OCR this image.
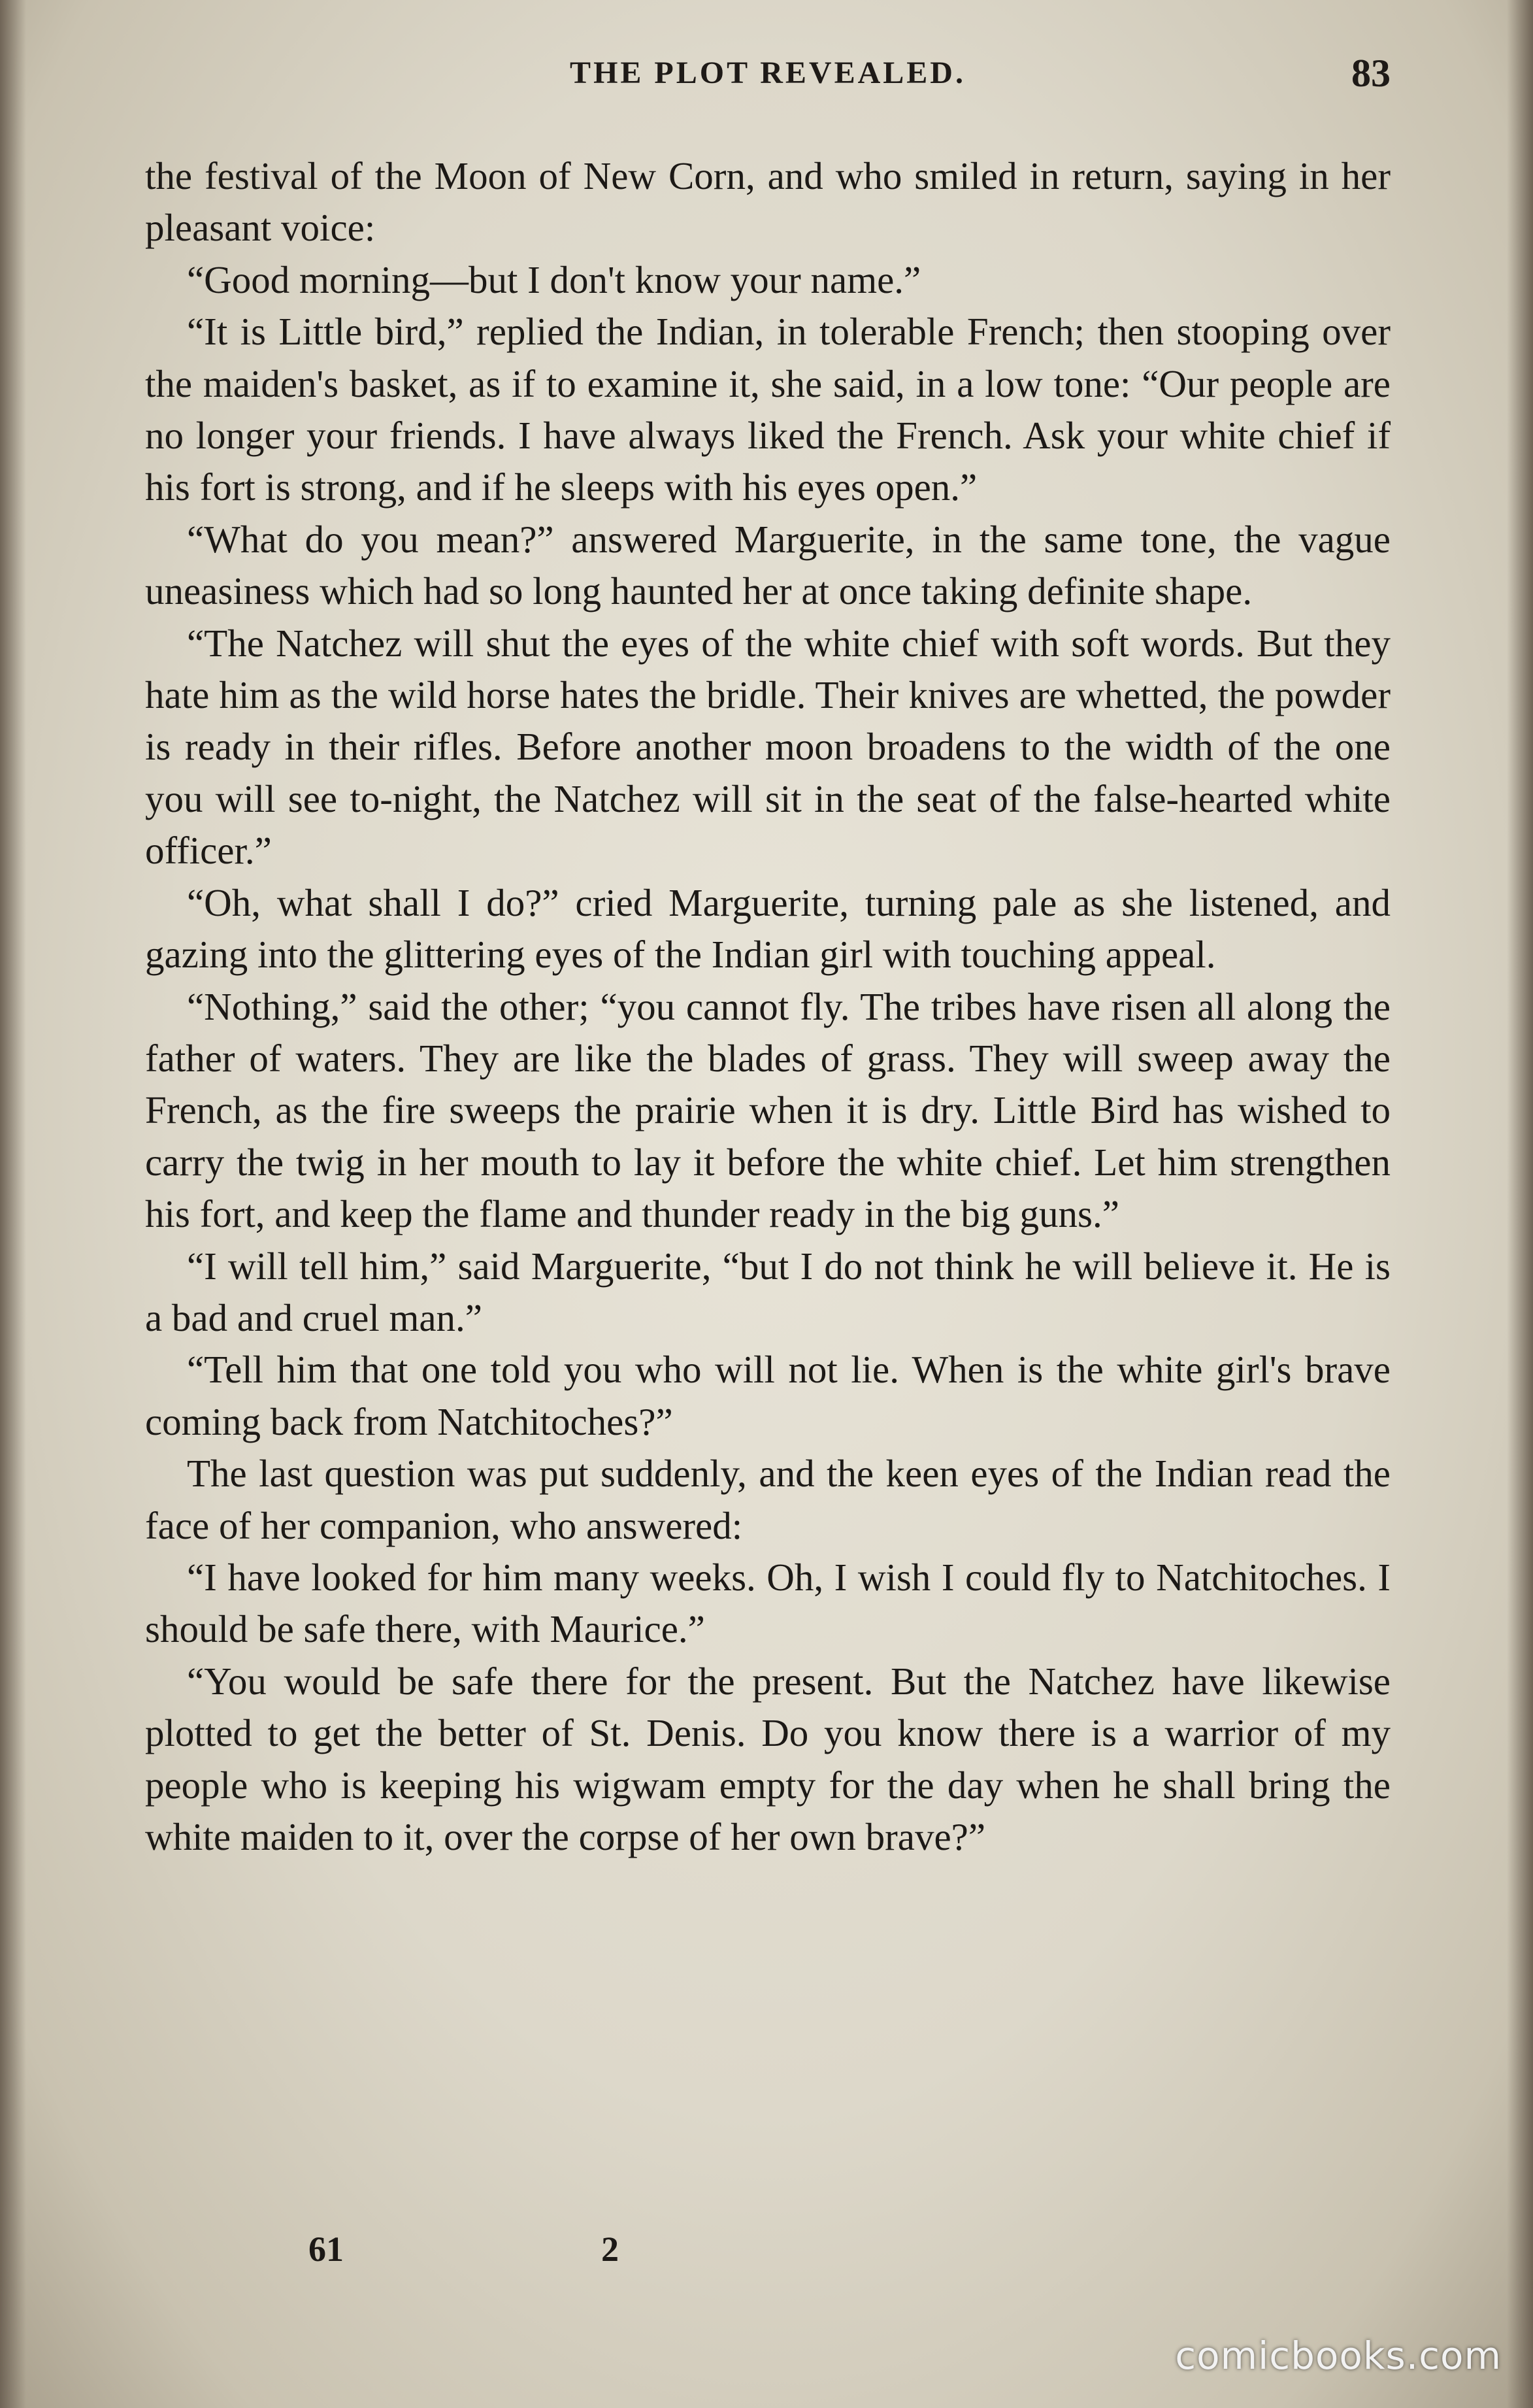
THE PLOT REVEALED.	83

the festival of the Moon of New Corn, and who smiled in return, saying in her pleasant voice:

“Good morning—but I don't know your name.”

“It is Little bird,” replied the Indian, in tolerable French; then stooping over the maiden's basket, as if to examine it, she said, in a low tone: “Our people are no longer your friends. I have always liked the French. Ask your white chief if his fort is strong, and if he sleeps with his eyes open.”

“What do you mean?” answered Marguerite, in the same tone, the vague uneasiness which had so long haunted her at once taking definite shape.

“The Natchez will shut the eyes of the white chief with soft words. But they hate him as the wild horse hates the bridle. Their knives are whetted, the powder is ready in their rifles. Before another moon broadens to the width of the one you will see to-night, the Natchez will sit in the seat of the false-hearted white officer.”

“Oh, what shall I do?” cried Marguerite, turning pale as she listened, and gazing into the glittering eyes of the Indian girl with touching appeal.

“Nothing,” said the other; “you cannot fly. The tribes have risen all along the father of waters. They are like the blades of grass. They will sweep away the French, as the fire sweeps the prairie when it is dry. Little Bird has wished to carry the twig in her mouth to lay it before the white chief. Let him strengthen his fort, and keep the flame and thunder ready in the big guns.”

“I will tell him,” said Marguerite, “but I do not think he will believe it. He is a bad and cruel man.”

“Tell him that one told you who will not lie. When is the white girl's brave coming back from Natchitoches?”

The last question was put suddenly, and the keen eyes of the Indian read the face of her companion, who answered:

“I have looked for him many weeks. Oh, I wish I could fly to Natchitoches. I should be safe there, with Maurice.”

“You would be safe there for the present. But the Natchez have likewise plotted to get the better of St. Denis. Do you know there is a warrior of my people who is keeping his wigwam empty for the day when he shall bring the white maiden to it, over the corpse of her own brave?”

61	2
comicbooks.com
